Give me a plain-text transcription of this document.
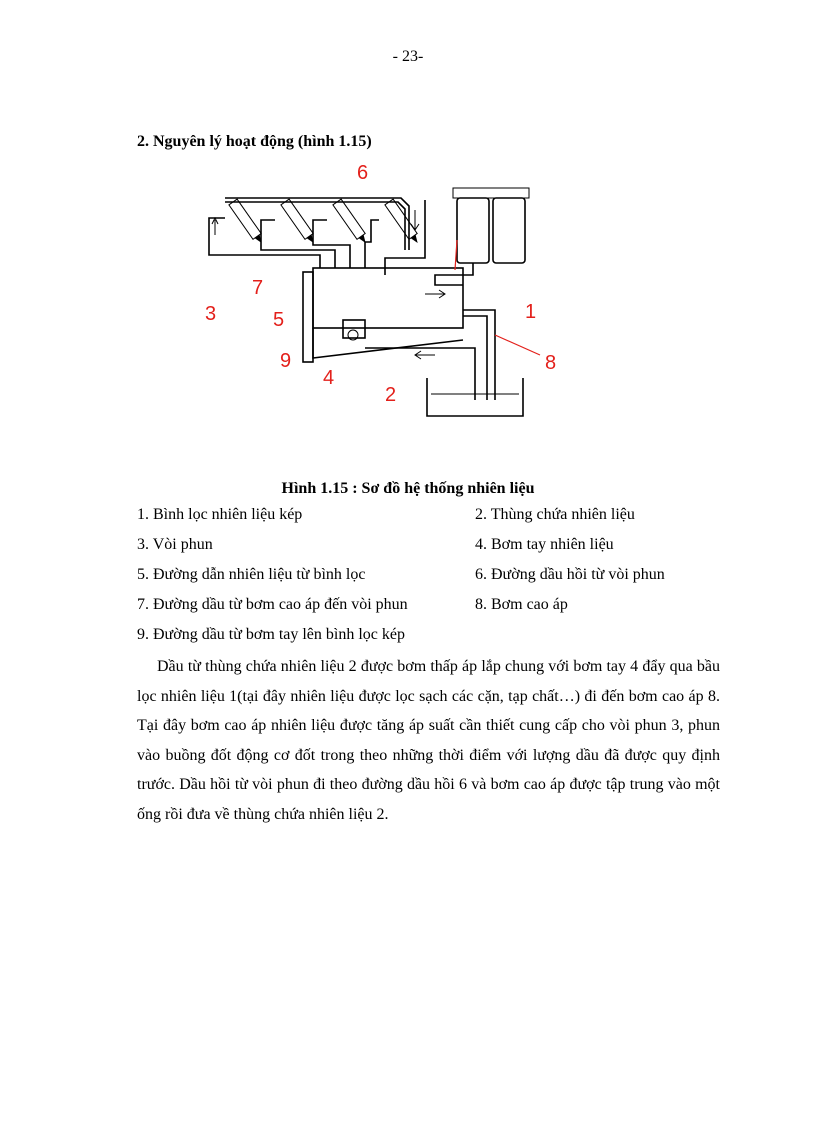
- 23-
2. Nguyên lý hoạt động (hình 1.15)
6
7
3	5
9
4
2
1
8
Hình 1.15 : Sơ đồ hệ thống nhiên liệu
1. Bình lọc nhiên liệu kép	2. Thùng chứa nhiên liệu
3. Vòi phun	4. Bơm tay nhiên liệu
5. Đường dẫn nhiên liệu từ bình lọc	6. Đường dầu hồi từ vòi phun
7. Đường dầu từ bơm cao áp đến vòi phun	8. Bơm cao áp
9. Đường dầu từ bơm tay lên bình lọc kép

Dầu từ thùng chứa nhiên liệu 2 được bơm thấp áp lắp chung với bơm tay 4 đẩy qua bầu lọc nhiên liệu 1(tại đây nhiên liệu được lọc sạch các cặn, tạp chất…) đi đến bơm cao áp 8. Tại đây bơm cao áp nhiên liệu được tăng áp suất cần thiết cung cấp cho vòi phun 3, phun vào buồng đốt động cơ đốt trong theo những thời điểm với lượng dầu đã được quy định trước. Dầu hồi từ vòi phun đi theo đường dầu hồi 6 và bơm cao áp được tập trung vào một ống rồi đưa về thùng chứa nhiên liệu 2.
